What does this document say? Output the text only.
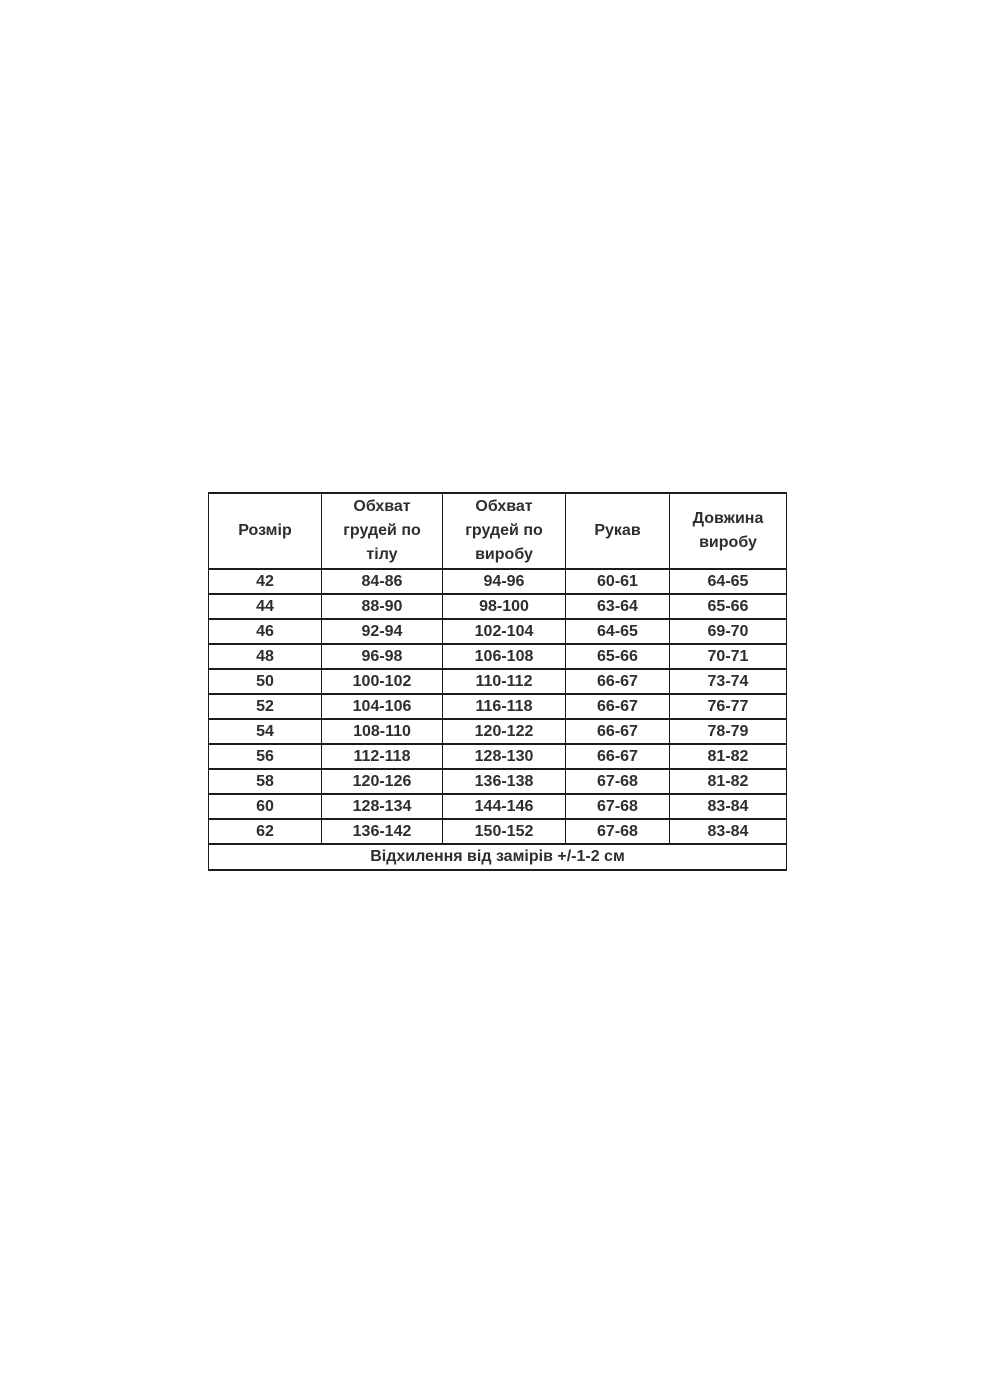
Розмір	Обхват грудей по тілу	Обхват грудей по виробу	Рукав	Довжина виробу
42	84-86	94-96	60-61	64-65
44	88-90	98-100	63-64	65-66
46	92-94	102-104	64-65	69-70
48	96-98	106-108	65-66	70-71
50	100-102	110-112	66-67	73-74
52	104-106	116-118	66-67	76-77
54	108-110	120-122	66-67	78-79
56	112-118	128-130	66-67	81-82
58	120-126	136-138	67-68	81-82
60	128-134	144-146	67-68	83-84
62	136-142	150-152	67-68	83-84
Відхилення від замірів +/-1-2 см				
